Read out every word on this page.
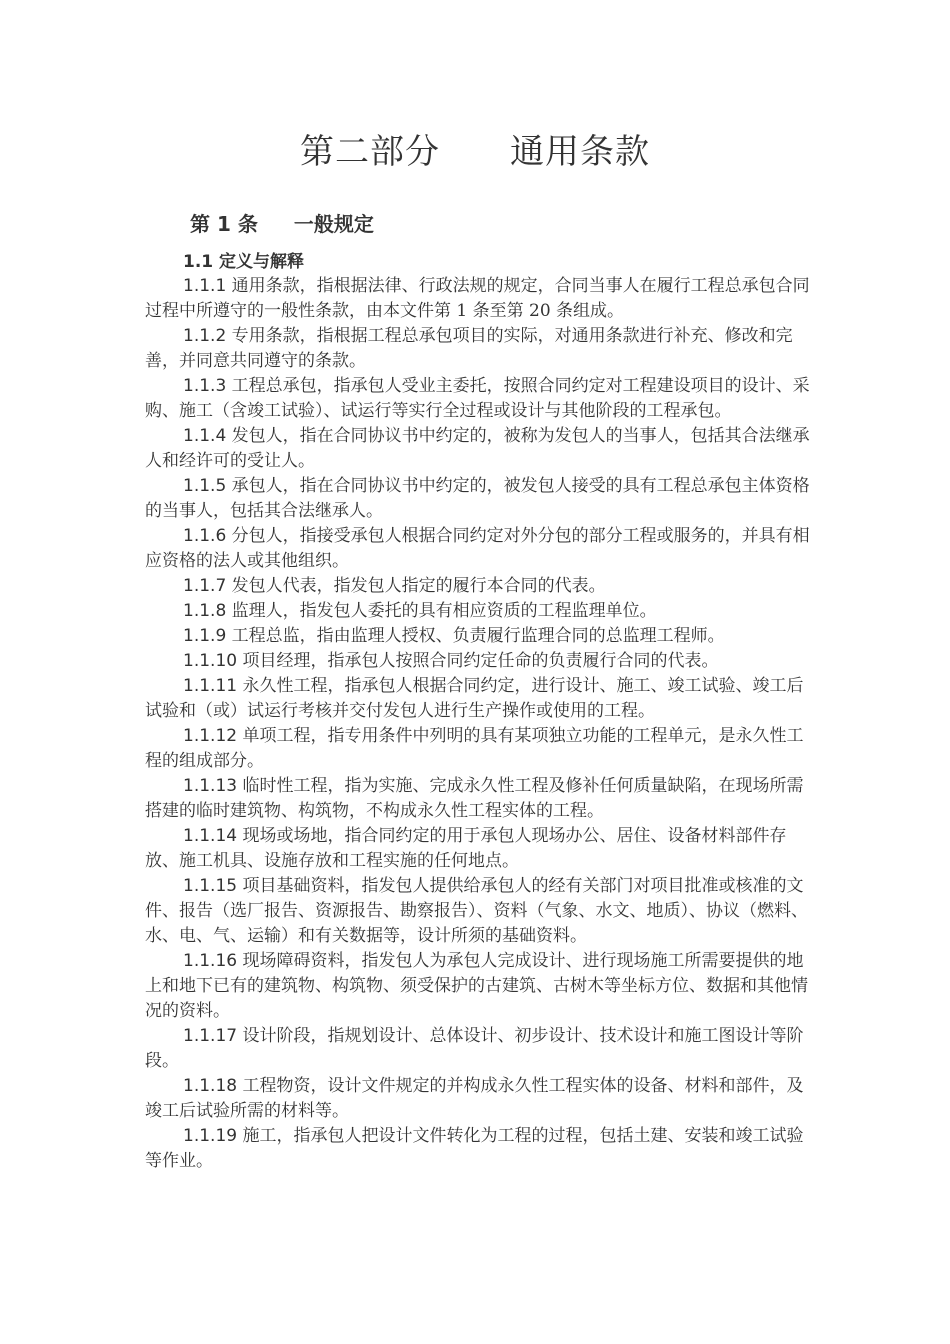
第二部分 通用条款
第 1 条 一般规定
1.1 定义与解释

1.1.1 通用条款，指根据法律、行政法规的规定，合同当事人在履行工程总承包合同过程中所遵守的一般性条款，由本文件第 1 条至第 20 条组成。

1.1.2 专用条款，指根据工程总承包项目的实际，对通用条款进行补充、修改和完善，并同意共同遵守的条款。

1.1.3 工程总承包，指承包人受业主委托，按照合同约定对工程建设项目的设计、采购、施工（含竣工试验）、试运行等实行全过程或设计与其他阶段的工程承包。

1.1.4 发包人，指在合同协议书中约定的，被称为发包人的当事人，包括其合法继承人和经许可的受让人。

1.1.5 承包人，指在合同协议书中约定的，被发包人接受的具有工程总承包主体资格的当事人，包括其合法继承人。

1.1.6 分包人，指接受承包人根据合同约定对外分包的部分工程或服务的，并具有相应资格的法人或其他组织。

1.1.7 发包人代表，指发包人指定的履行本合同的代表。

1.1.8 监理人，指发包人委托的具有相应资质的工程监理单位。

1.1.9 工程总监，指由监理人授权、负责履行监理合同的总监理工程师。

1.1.10 项目经理，指承包人按照合同约定任命的负责履行合同的代表。

1.1.11 永久性工程，指承包人根据合同约定，进行设计、施工、竣工试验、竣工后试验和（或）试运行考核并交付发包人进行生产操作或使用的工程。

1.1.12 单项工程，指专用条件中列明的具有某项独立功能的工程单元，是永久性工程的组成部分。

1.1.13 临时性工程，指为实施、完成永久性工程及修补任何质量缺陷，在现场所需搭建的临时建筑物、构筑物，不构成永久性工程实体的工程。

1.1.14 现场或场地，指合同约定的用于承包人现场办公、居住、设备材料部件存放、施工机具、设施存放和工程实施的任何地点。

1.1.15 项目基础资料，指发包人提供给承包人的经有关部门对项目批准或核准的文件、报告（选厂报告、资源报告、勘察报告）、资料（气象、水文、地质）、协议（燃料、水、电、气、运输）和有关数据等，设计所须的基础资料。

1.1.16 现场障碍资料，指发包人为承包人完成设计、进行现场施工所需要提供的地上和地下已有的建筑物、构筑物、须受保护的古建筑、古树木等坐标方位、数据和其他情况的资料。

1.1.17 设计阶段，指规划设计、总体设计、初步设计、技术设计和施工图设计等阶段。

1.1.18 工程物资，设计文件规定的并构成永久性工程实体的设备、材料和部件，及竣工后试验所需的材料等。

1.1.19 施工，指承包人把设计文件转化为工程的过程，包括土建、安装和竣工试验等作业。
